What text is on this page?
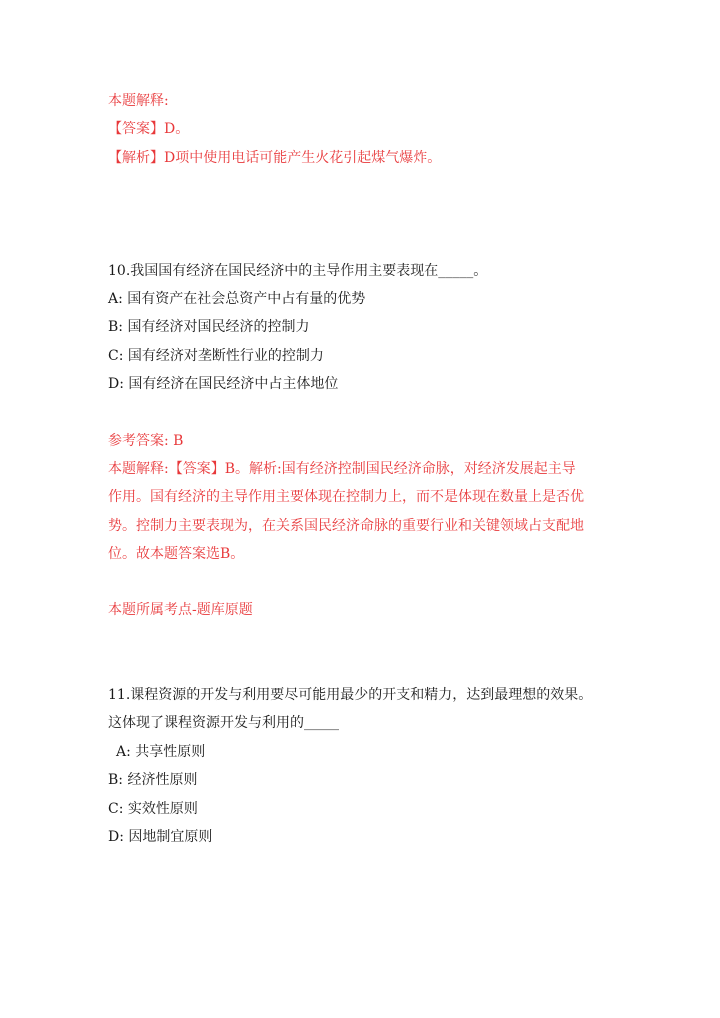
本题解释:
【答案】D。
【解析】D项中使用电话可能产生火花引起煤气爆炸。
10.我国国有经济在国民经济中的主导作用主要表现在_____。
A: 国有资产在社会总资产中占有量的优势
B: 国有经济对国民经济的控制力
C: 国有经济对垄断性行业的控制力
D: 国有经济在国民经济中占主体地位
参考答案: B
本题解释:【答案】B。解析:国有经济控制国民经济命脉，对经济发展起主导
作用。国有经济的主导作用主要体现在控制力上，而不是体现在数量上是否优
势。控制力主要表现为，在关系国民经济命脉的重要行业和关键领域占支配地
位。故本题答案选B。
本题所属考点-题库原题
11.课程资源的开发与利用要尽可能用最少的开支和精力，达到最理想的效果。
这体现了课程资源开发与利用的_____
A: 共享性原则
B: 经济性原则
C: 实效性原则
D: 因地制宜原则
